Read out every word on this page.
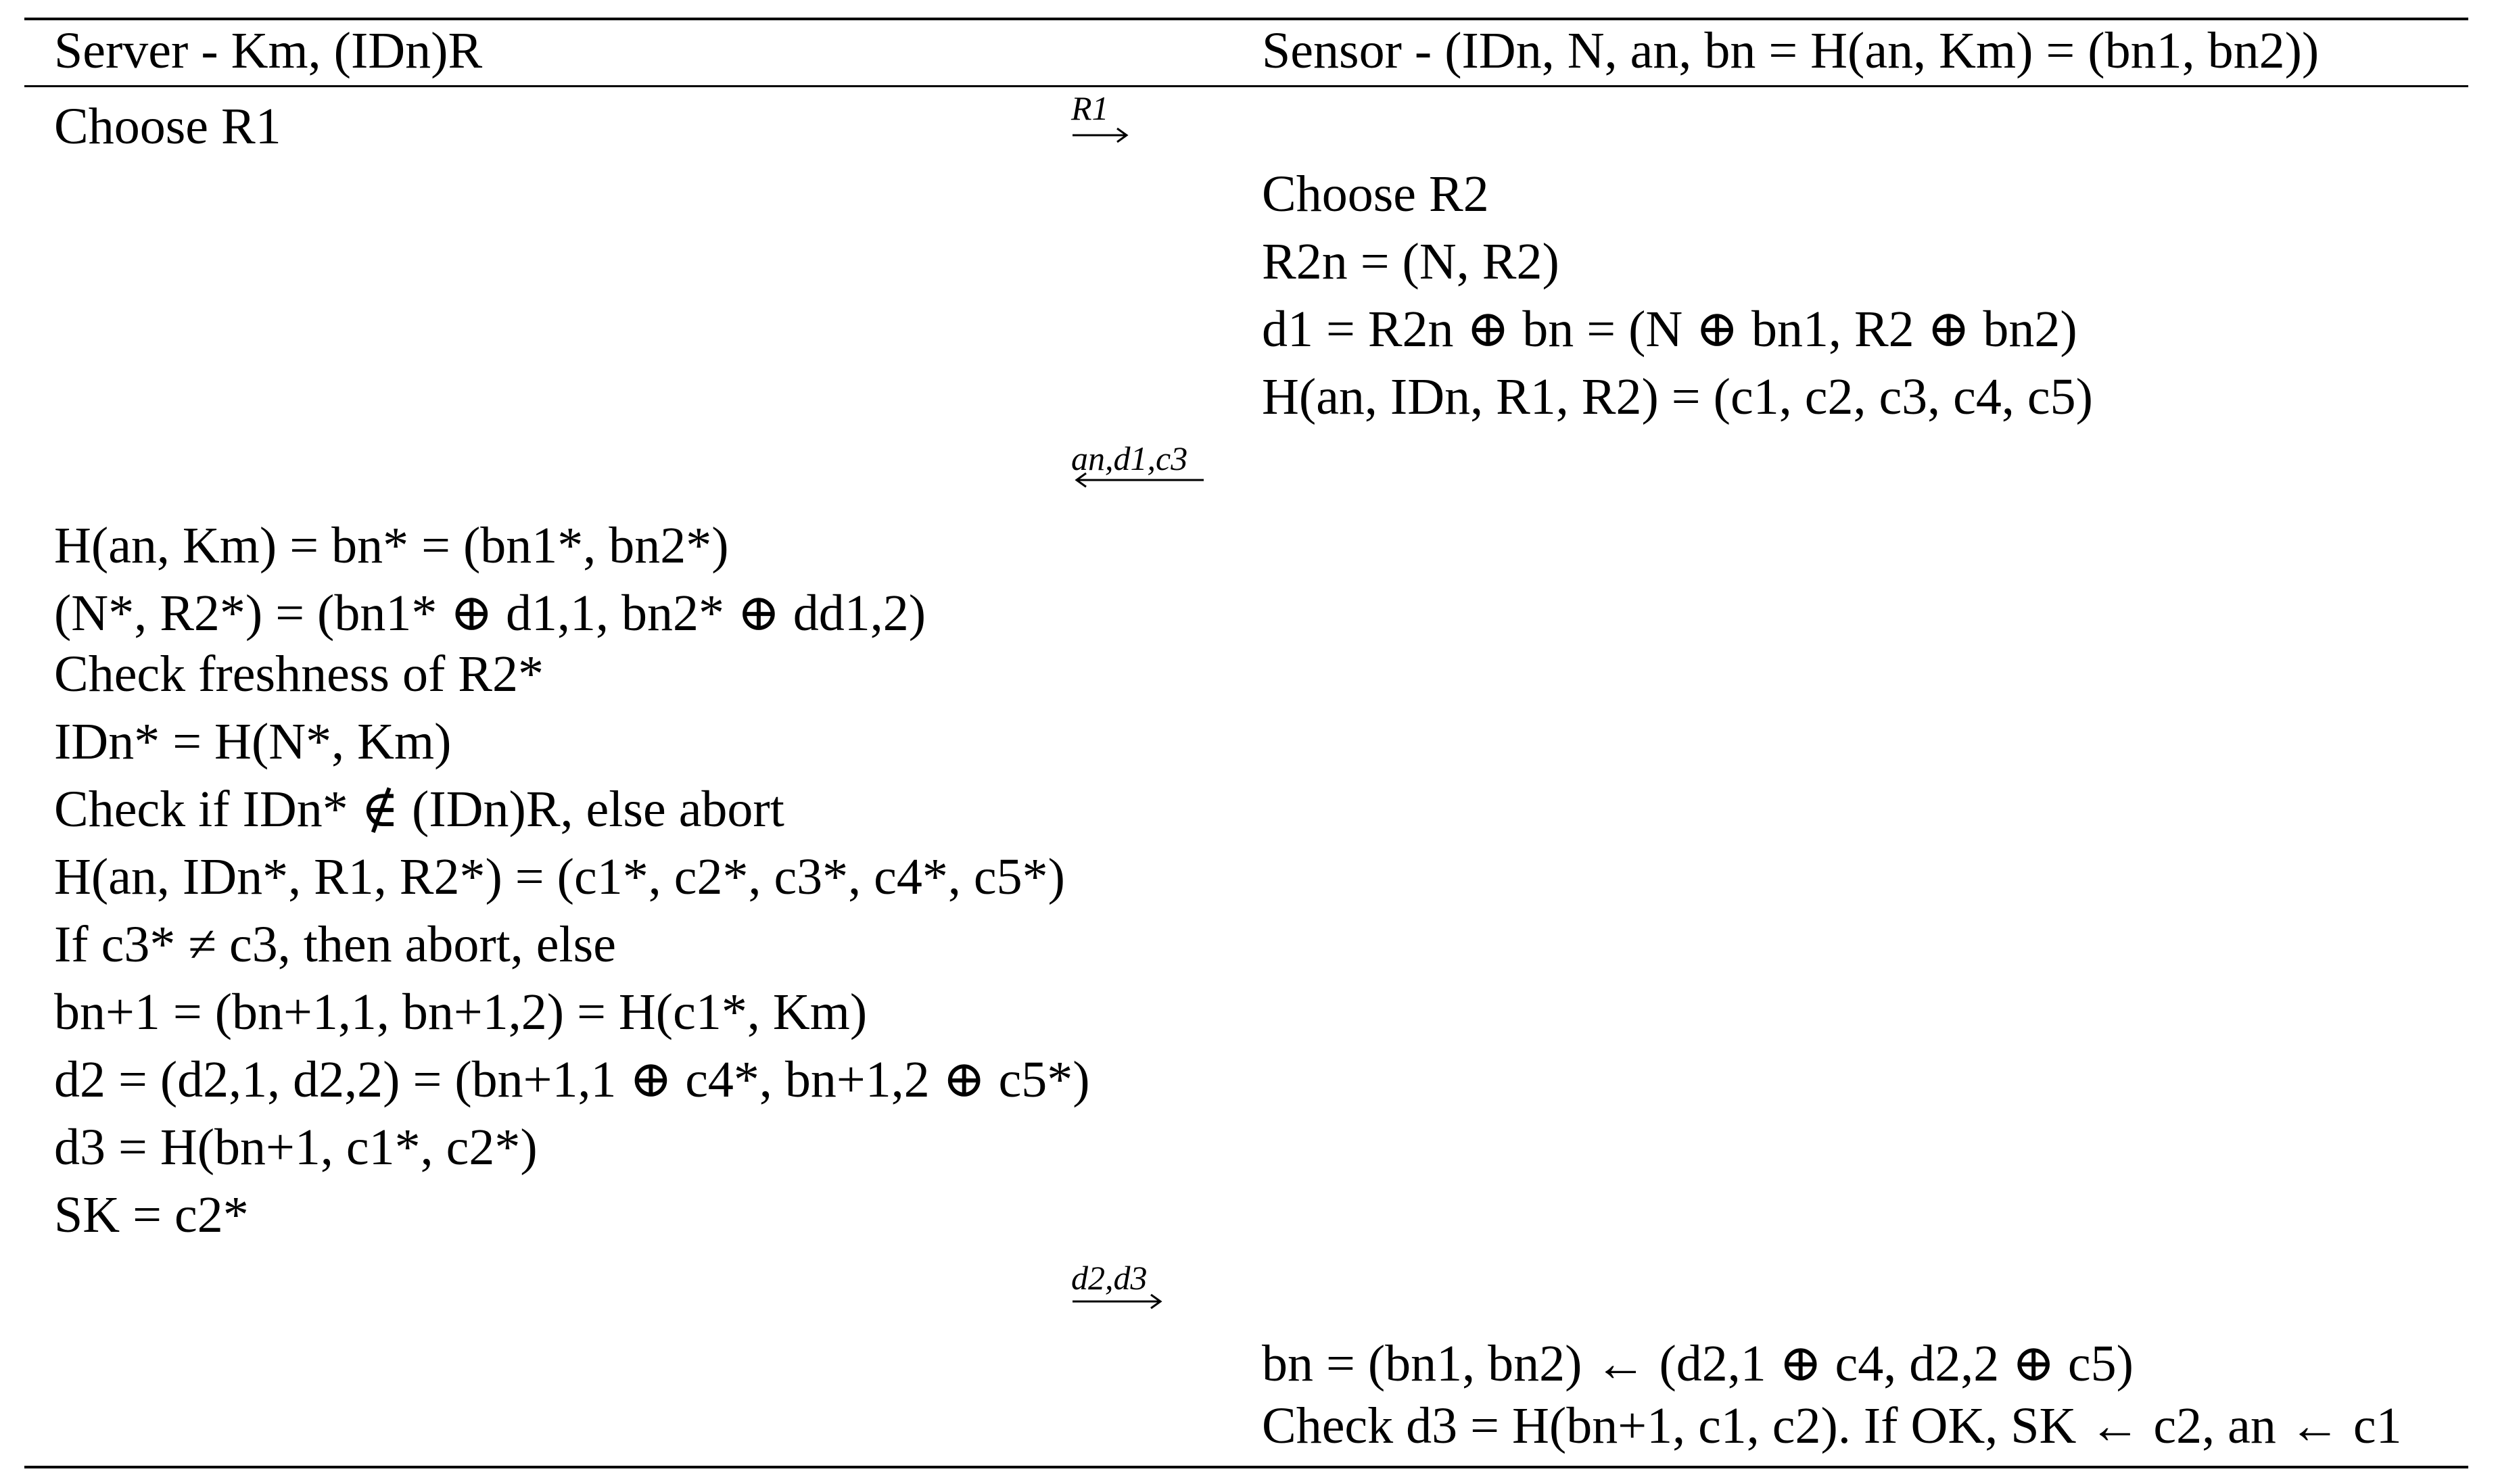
Server - Km, (IDn)R	Sensor - (IDn, N, an, bn = H(an, Km) = (bn1, bn2))
R1
Choose R1
Choose R2
R2n = (N, R2)
d1 = R2n ⊕ bn = (N ⊕ bn1, R2 ⊕ bn2)
H(an, IDn, R1, R2) = (c1, c2, c3, c4, c5)
an,d1,c3
H(an, Km) = bn* = (bn1*, bn2*)
(N*, R2*) = (bn1* ⊕ d1,1, bn2* ⊕ dd1,2)
Check freshness of R2*
IDn* = H(N*, Km)
Check if IDn* ∉ (IDn)R, else abort
H(an, IDn*, R1, R2*) = (c1*, c2*, c3*, c4*, c5*)
If c3* ≠ c3, then abort, else
bn+1 = (bn+1,1, bn+1,2) = H(c1*, Km)
d2 = (d2,1, d2,2) = (bn+1,1 ⊕ c4*, bn+1,2 ⊕ c5*)
d3 = H(bn+1, c1*, c2*)
SK = c2*
d2,d3
bn = (bn1, bn2) ← (d2,1 ⊕ c4, d2,2 ⊕ c5)
Check d3 = H(bn+1, c1, c2). If OK, SK ← c2, an ← c1
